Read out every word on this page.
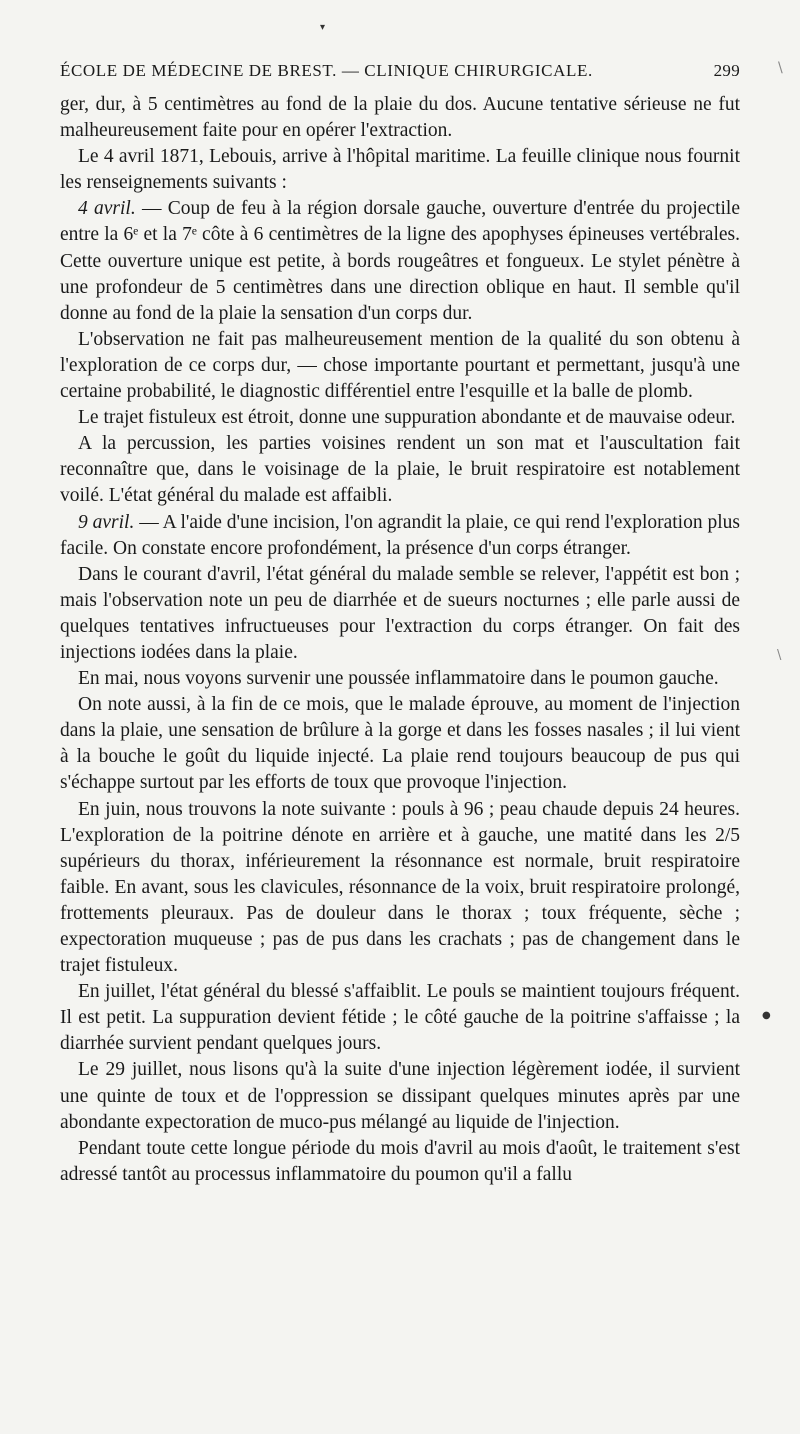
▾
\
\
●
ÉCOLE DE MÉDECINE DE BREST. — CLINIQUE CHIRURGICALE.	299

ger, dur, à 5 centimètres au fond de la plaie du dos. Aucune tentative sérieuse ne fut malheureusement faite pour en opérer l'extraction.

Le 4 avril 1871, Lebouis, arrive à l'hôpital maritime. La feuille clinique nous fournit les renseignements suivants :

4 avril. — Coup de feu à la région dorsale gauche, ouverture d'entrée du projectile entre la 6ᵉ et la 7ᵉ côte à 6 centimètres de la ligne des apophyses épineuses vertébrales. Cette ouverture unique est petite, à bords rougeâtres et fongueux. Le stylet pénètre à une profondeur de 5 centimètres dans une direction oblique en haut. Il semble qu'il donne au fond de la plaie la sensation d'un corps dur.

L'observation ne fait pas malheureusement mention de la qualité du son obtenu à l'exploration de ce corps dur, — chose importante pourtant et permettant, jusqu'à une certaine probabilité, le diagnostic différentiel entre l'esquille et la balle de plomb.

Le trajet fistuleux est étroit, donne une suppuration abondante et de mauvaise odeur.

A la percussion, les parties voisines rendent un son mat et l'auscultation fait reconnaître que, dans le voisinage de la plaie, le bruit respiratoire est notablement voilé. L'état général du malade est affaibli.

9 avril. — A l'aide d'une incision, l'on agrandit la plaie, ce qui rend l'exploration plus facile. On constate encore profondément, la présence d'un corps étranger.

Dans le courant d'avril, l'état général du malade semble se relever, l'appétit est bon ; mais l'observation note un peu de diarrhée et de sueurs nocturnes ; elle parle aussi de quelques tentatives infructueuses pour l'extraction du corps étranger. On fait des injections iodées dans la plaie.

En mai, nous voyons survenir une poussée inflammatoire dans le poumon gauche.

On note aussi, à la fin de ce mois, que le malade éprouve, au moment de l'injection dans la plaie, une sensation de brûlure à la gorge et dans les fosses nasales ; il lui vient à la bouche le goût du liquide injecté. La plaie rend toujours beaucoup de pus qui s'échappe surtout par les efforts de toux que provoque l'injection.

En juin, nous trouvons la note suivante : pouls à 96 ; peau chaude depuis 24 heures. L'exploration de la poitrine dénote en arrière et à gauche, une matité dans les 2/5 supérieurs du thorax, inférieurement la résonnance est normale, bruit respiratoire faible. En avant, sous les clavicules, résonnance de la voix, bruit respiratoire prolongé, frottements pleuraux. Pas de douleur dans le thorax ; toux fréquente, sèche ; expectoration muqueuse ; pas de pus dans les crachats ; pas de changement dans le trajet fistuleux.

En juillet, l'état général du blessé s'affaiblit. Le pouls se maintient toujours fréquent. Il est petit. La suppuration devient fétide ; le côté gauche de la poitrine s'affaisse ; la diarrhée survient pendant quelques jours.

Le 29 juillet, nous lisons qu'à la suite d'une injection légèrement iodée, il survient une quinte de toux et de l'oppression se dissipant quelques minutes après par une abondante expectoration de muco-pus mélangé au liquide de l'injection.

Pendant toute cette longue période du mois d'avril au mois d'août, le traitement s'est adressé tantôt au processus inflammatoire du poumon qu'il a fallu
